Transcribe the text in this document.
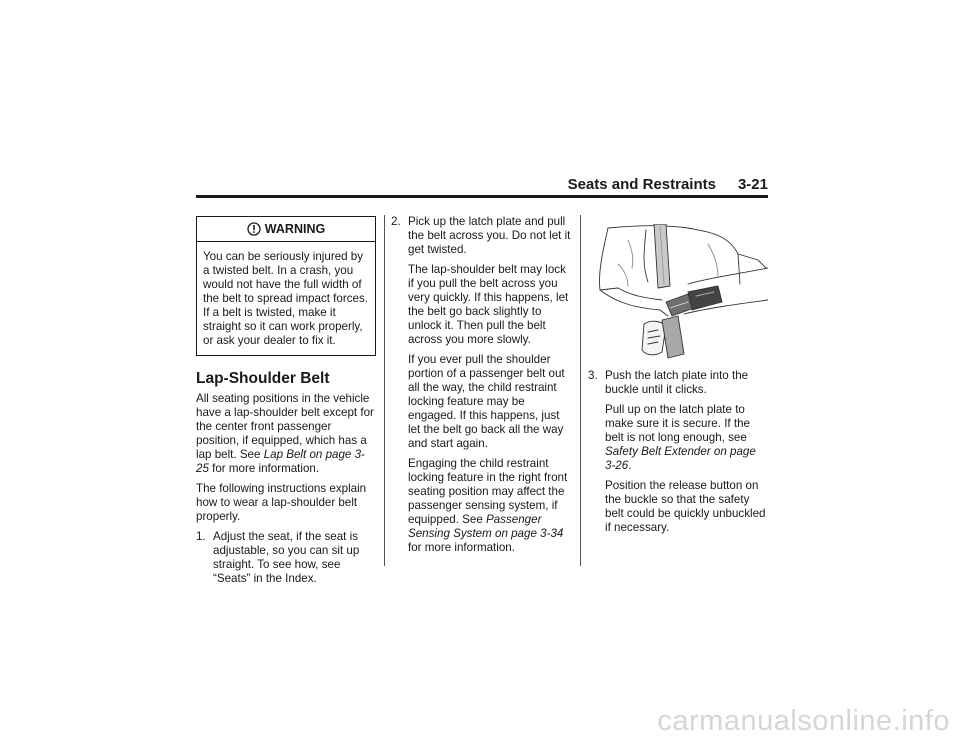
Seats and Restraints 3-21
WARNING

You can be seriously injured by a twisted belt. In a crash, you would not have the full width of the belt to spread impact forces. If a belt is twisted, make it straight so it can work properly, or ask your dealer to fix it.

Lap-Shoulder Belt

All seating positions in the vehicle have a lap-shoulder belt except for the center front passenger position, if equipped, which has a lap belt. See Lap Belt on page 3-25 for more information.

The following instructions explain how to wear a lap-shoulder belt properly.

1. Adjust the seat, if the seat is adjustable, so you can sit up straight. To see how, see “Seats” in the Index.
2. Pick up the latch plate and pull the belt across you. Do not let it get twisted.

The lap-shoulder belt may lock if you pull the belt across you very quickly. If this happens, let the belt go back slightly to unlock it. Then pull the belt across you more slowly.

If you ever pull the shoulder portion of a passenger belt out all the way, the child restraint locking feature may be engaged. If this happens, just let the belt go back all the way and start again.

Engaging the child restraint locking feature in the right front seating position may affect the passenger sensing system, if equipped. See Passenger Sensing System on page 3-34 for more information.

3. Push the latch plate into the buckle until it clicks.

Pull up on the latch plate to make sure it is secure. If the belt is not long enough, see Safety Belt Extender on page 3-26.

Position the release button on the buckle so that the safety belt could be quickly unbuckled if necessary.

carmanualsonline.info
